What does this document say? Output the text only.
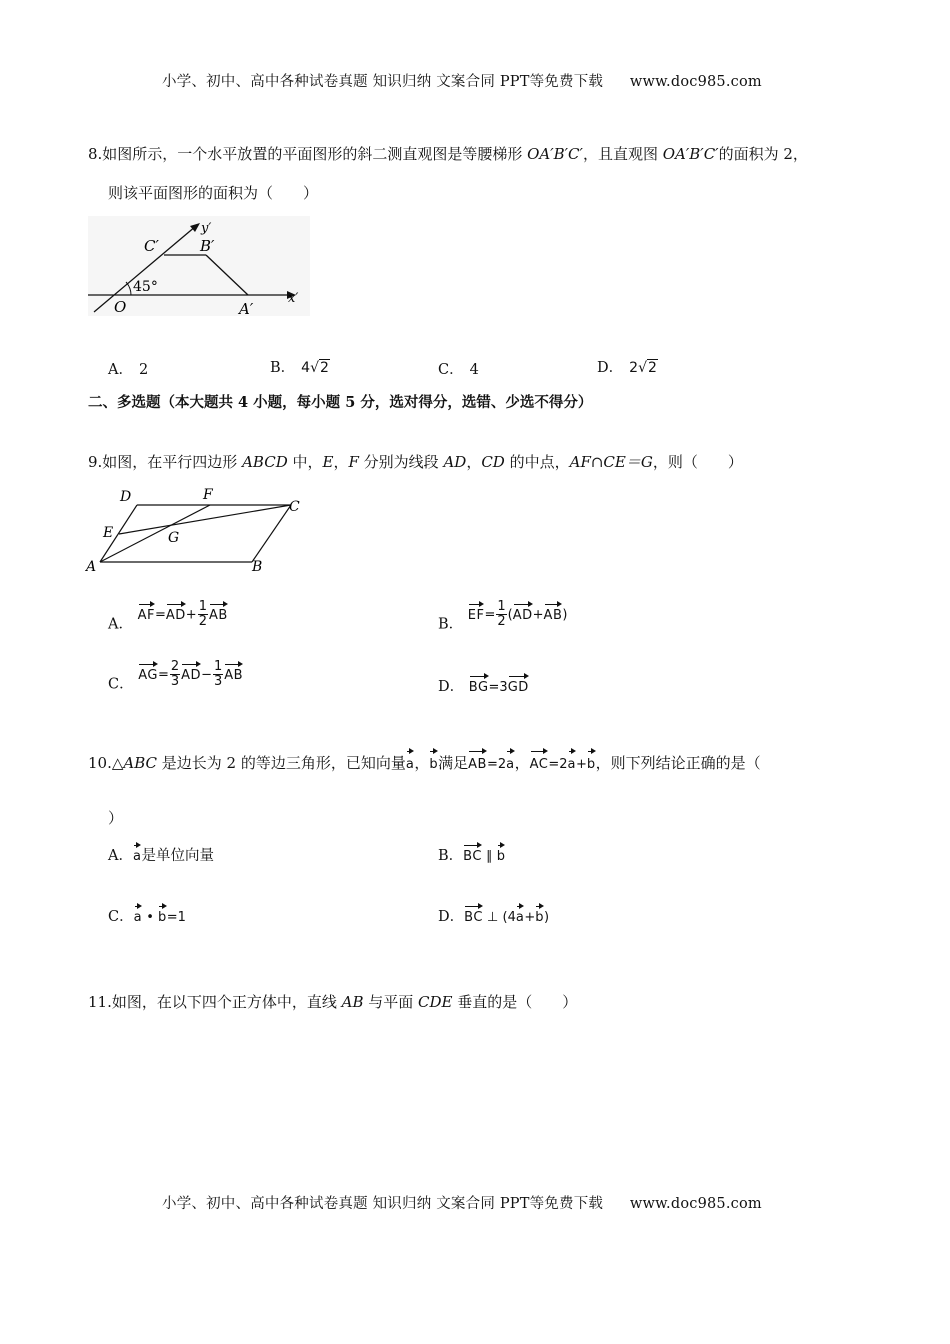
小学、初中、高中各种试卷真题 知识归纳 文案合同 PPT等免费下载 www.doc985.com
8.如图所示，一个水平放置的平面图形的斜二测直观图是等腰梯形 OA′B′C′，且直观图 OA′B′C′的面积为 2，
则该平面图形的面积为（　　）
C′	B′
y′
45°
O	A′
x′
A． 2	B． 4√2	C． 4	D． 2√2
二、多选题（本大题共 4 小题，每小题 5 分，选对得分，选错、少选不得分）
9.如图，在平行四边形 ABCD 中，E，F 分别为线段 AD，CD 的中点，AF∩CE＝G，则（　　）
D	F
C
E	G
A	B
A． $AF=AD+ \frac{1}{2}$ AB
B． $EF= \frac{1}{2} (AD+AB)$
C． $AG= \frac{2}{3} AD- \frac{1}{3}$ AB
D． BG=3GD
10.△ABC 是边长为 2 的等边三角形，已知向量a，b满足AB=2a，AC=2a+b，则下列结论正确的是（
）
A．a是单位向量	B．BC ∥ b
C．a • b=1	D．BC ⊥ (4a+b)
11.如图，在以下四个正方体中，直线 AB 与平面 CDE 垂直的是（　　）
小学、初中、高中各种试卷真题 知识归纳 文案合同 PPT等免费下载 www.doc985.com
